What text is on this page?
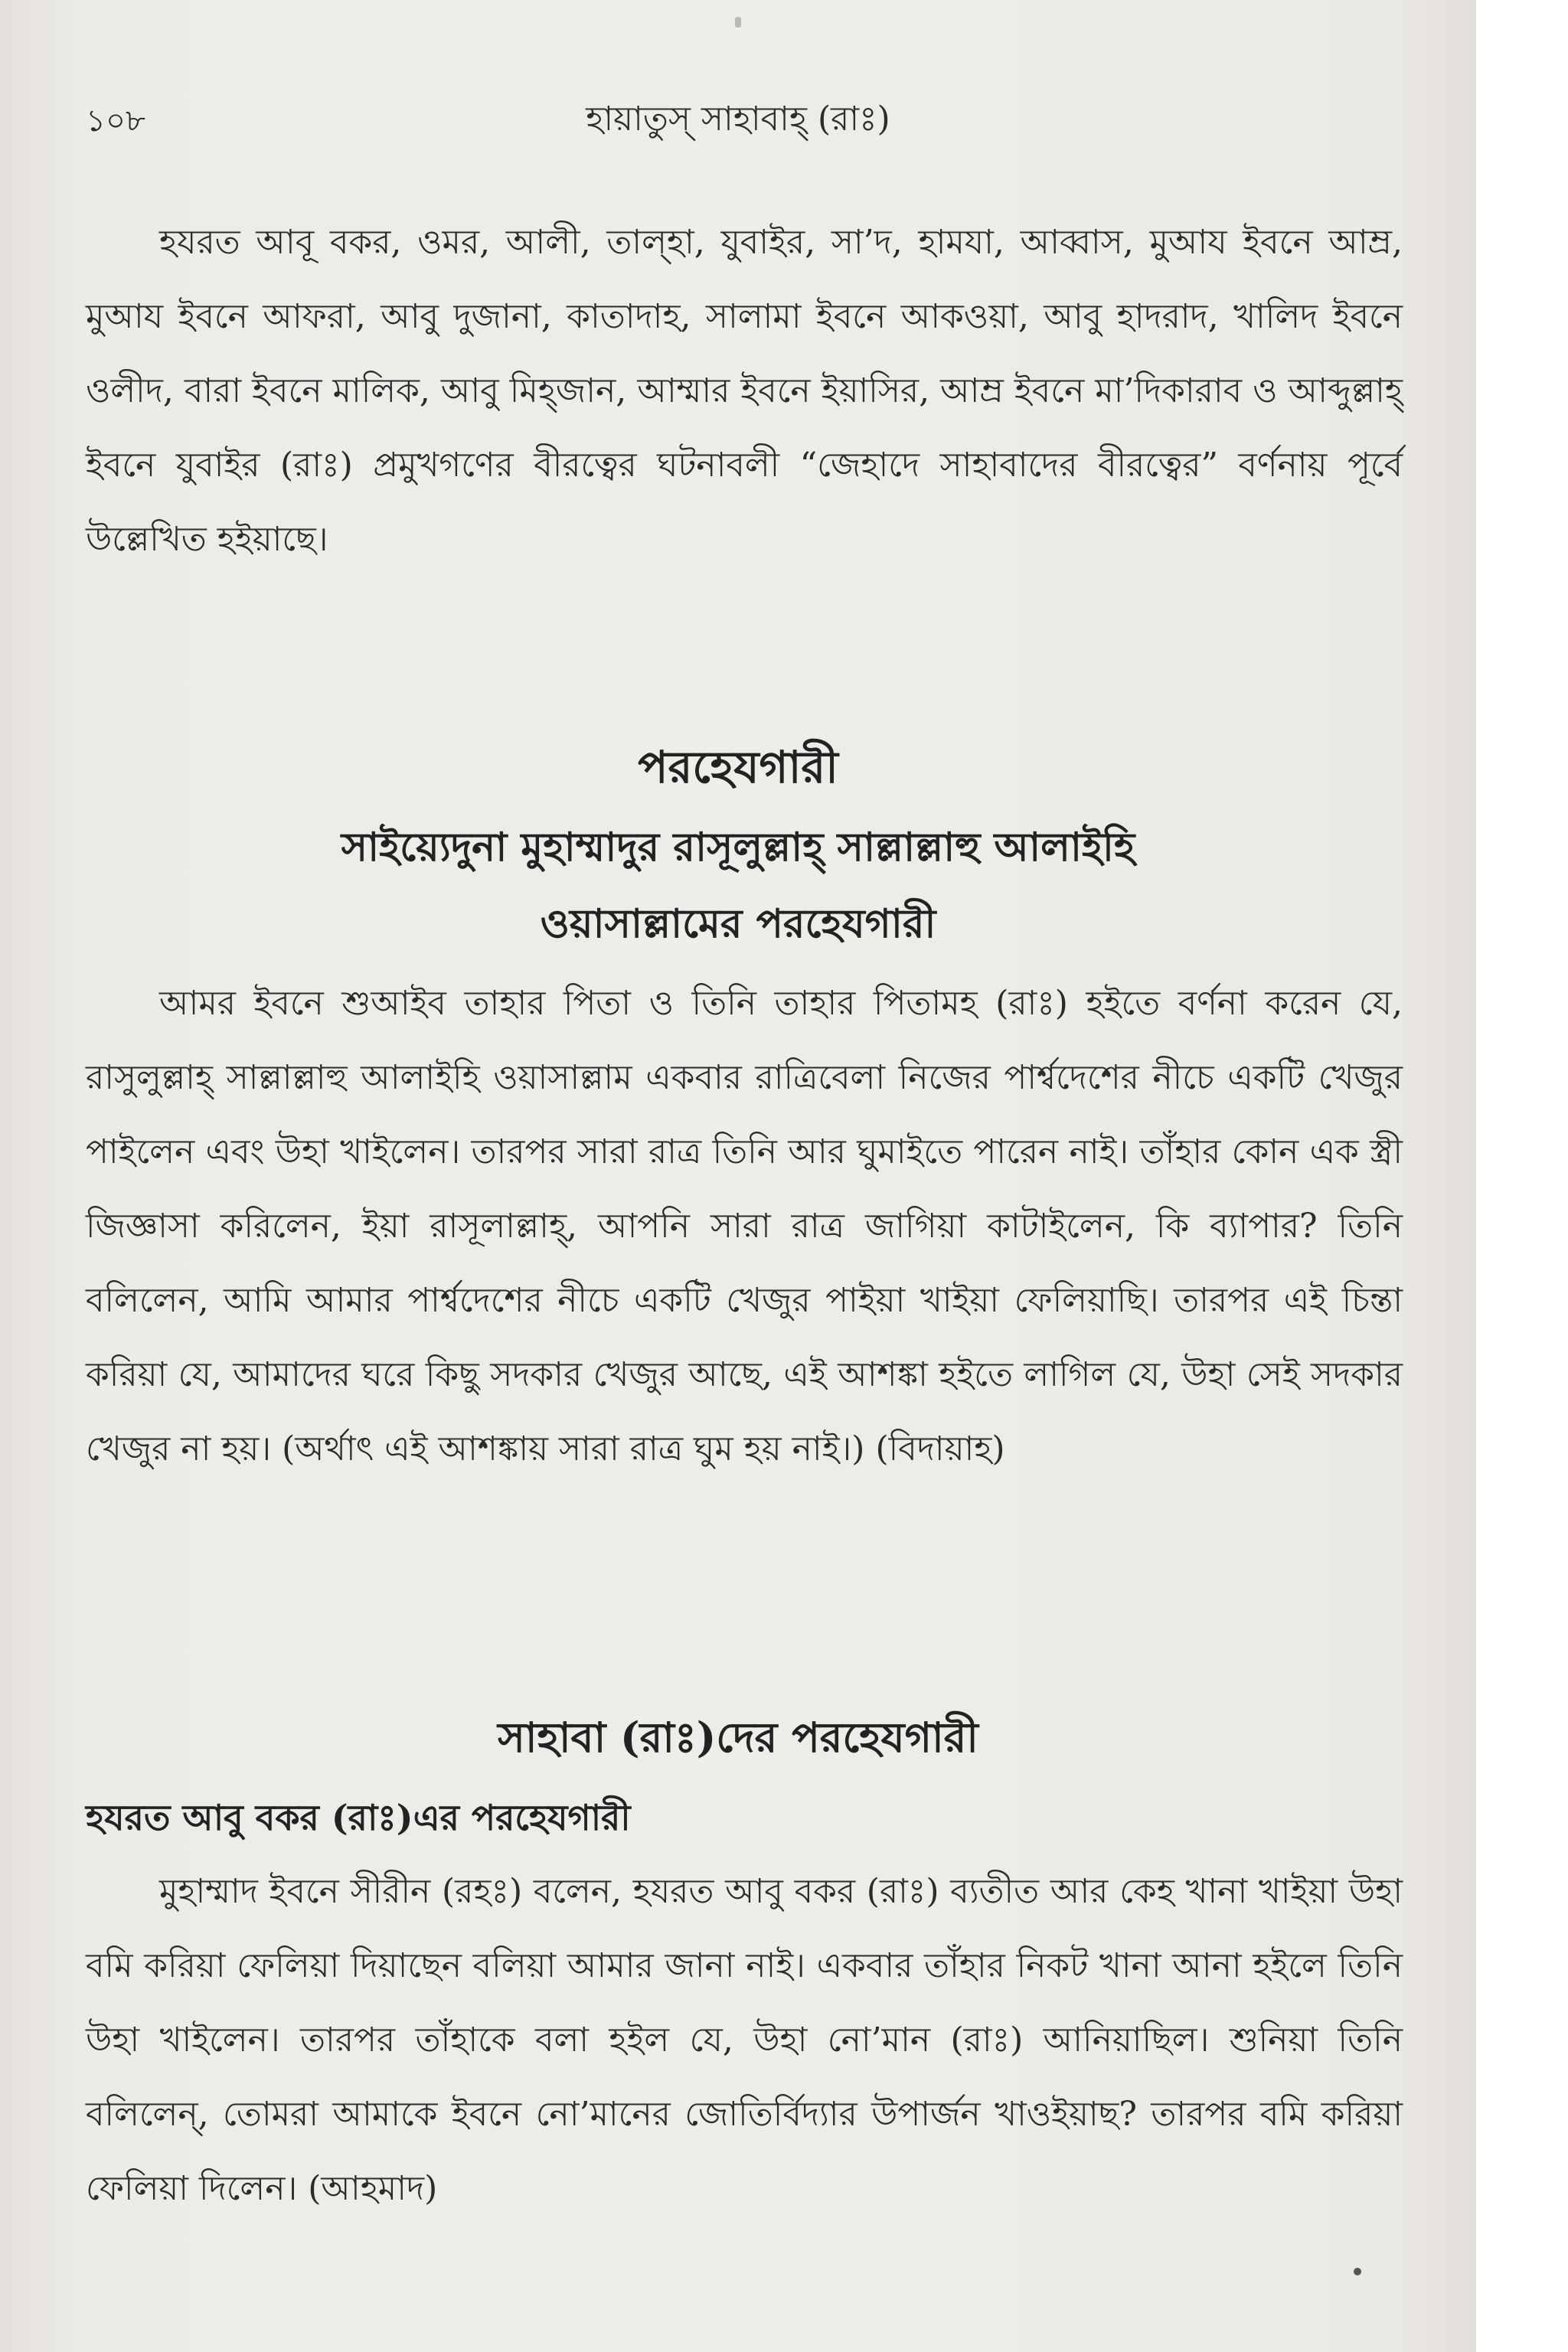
১০৮	হায়াতুস্ সাহাবাহ্ (রাঃ)

হযরত আবূ বকর, ওমর, আলী, তাল্হা, যুবাইর, সা’দ, হামযা, আব্বাস, মুআয ইবনে আম্র, মুআয ইবনে আফরা, আবু দুজানা, কাতাদাহ, সালামা ইবনে আকওয়া, আবু হাদরাদ, খালিদ ইবনে ওলীদ, বারা ইবনে মালিক, আবু মিহ্জান, আম্মার ইবনে ইয়াসির, আম্র ইবনে মা’দিকারাব ও আব্দুল্লাহ্ ইবনে যুবাইর (রাঃ) প্রমুখগণের বীরত্বের ঘটনাবলী “জেহাদে সাহাবাদের বীরত্বের” বর্ণনায় পূর্বে উল্লেখিত হইয়াছে।

পরহেযগারী
সাইয়্যেদুনা মুহাম্মাদুর রাসূলুল্লাহ্ সাল্লাল্লাহু আলাইহি
ওয়াসাল্লামের পরহেযগারী

আমর ইবনে শুআইব তাহার পিতা ও তিনি তাহার পিতামহ (রাঃ) হইতে বর্ণনা করেন যে, রাসুলুল্লাহ্ সাল্লাল্লাহু আলাইহি ওয়াসাল্লাম একবার রাত্রিবেলা নিজের পার্শ্বদেশের নীচে একটি খেজুর পাইলেন এবং উহা খাইলেন। তারপর সারা রাত্র তিনি আর ঘুমাইতে পারেন নাই। তাঁহার কোন এক স্ত্রী জিজ্ঞাসা করিলেন, ইয়া রাসূলাল্লাহ্, আপনি সারা রাত্র জাগিয়া কাটাইলেন, কি ব্যাপার? তিনি বলিলেন, আমি আমার পার্শ্বদেশের নীচে একটি খেজুর পাইয়া খাইয়া ফেলিয়াছি। তারপর এই চিন্তা করিয়া যে, আমাদের ঘরে কিছু সদকার খেজুর আছে, এই আশঙ্কা হইতে লাগিল যে, উহা সেই সদকার খেজুর না হয়। (অর্থাৎ এই আশঙ্কায় সারা রাত্র ঘুম হয় নাই।) (বিদায়াহ)

সাহাবা (রাঃ)দের পরহেযগারী
হযরত আবু বকর (রাঃ)এর পরহেযগারী

মুহাম্মাদ ইবনে সীরীন (রহঃ) বলেন, হযরত আবু বকর (রাঃ) ব্যতীত আর কেহ খানা খাইয়া উহা বমি করিয়া ফেলিয়া দিয়াছেন বলিয়া আমার জানা নাই। একবার তাঁহার নিকট খানা আনা হইলে তিনি উহা খাইলেন। তারপর তাঁহাকে বলা হইল যে, উহা নো’মান (রাঃ) আনিয়াছিল। শুনিয়া তিনি বলিলেন্, তোমরা আমাকে ইবনে নো’মানের জোতির্বিদ্যার উপার্জন খাওইয়াছ? তারপর বমি করিয়া ফেলিয়া দিলেন। (আহমাদ)
